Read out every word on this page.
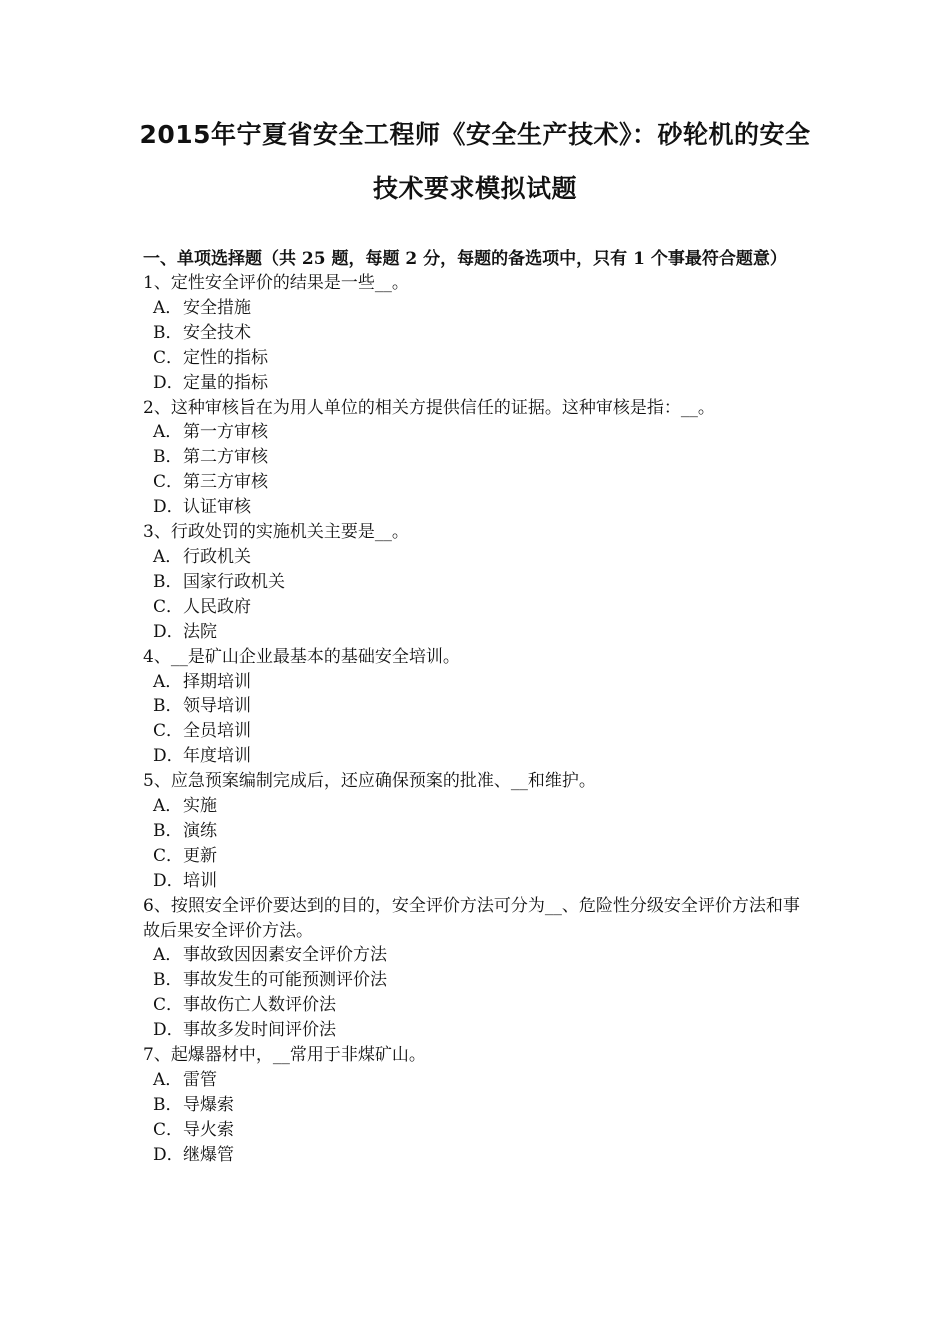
2015年宁夏省安全工程师《安全生产技术》：砂轮机的安全
技术要求模拟试题

一、单项选择题（共 25 题，每题 2 分，每题的备选项中，只有 1 个事最符合题意）

1、定性安全评价的结果是一些__。

A．安全措施
B．安全技术
C．定性的指标
D．定量的指标

2、这种审核旨在为用人单位的相关方提供信任的证据。这种审核是指：__。

A．第一方审核
B．第二方审核
C．第三方审核
D．认证审核

3、行政处罚的实施机关主要是__。

A．行政机关
B．国家行政机关
C．人民政府
D．法院

4、__是矿山企业最基本的基础安全培训。

A．择期培训
B．领导培训
C．全员培训
D．年度培训

5、应急预案编制完成后，还应确保预案的批准、__和维护。

A．实施
B．演练
C．更新
D．培训

6、按照安全评价要达到的目的，安全评价方法可分为__、危险性分级安全评价方法和事故后果安全评价方法。

A．事故致因因素安全评价方法
B．事故发生的可能预测评价法
C．事故伤亡人数评价法
D．事故多发时间评价法

7、起爆器材中，__常用于非煤矿山。

A．雷管
B．导爆索
C．导火索
D．继爆管
